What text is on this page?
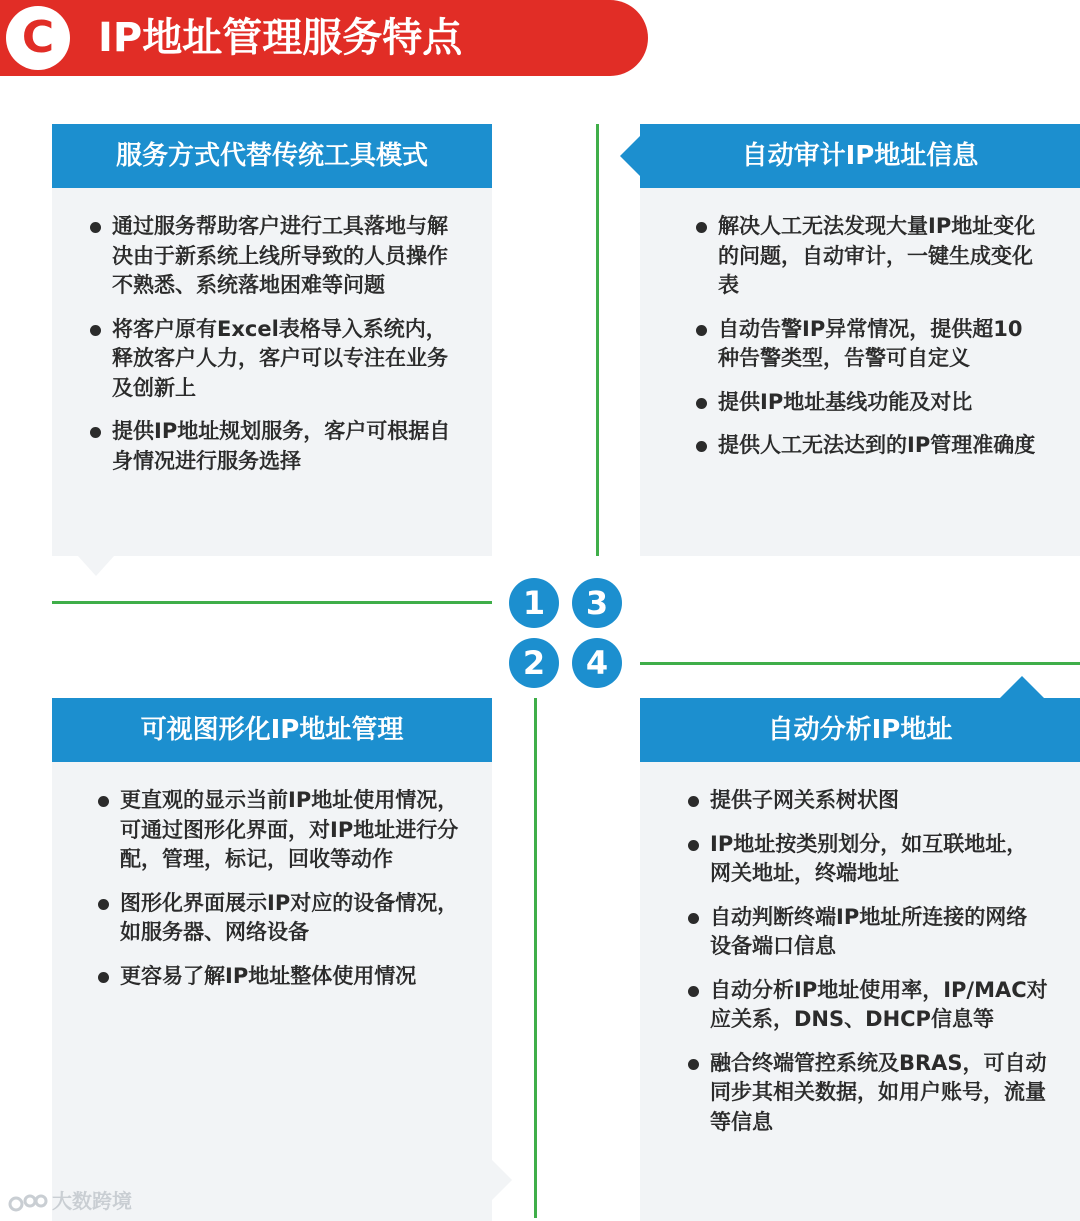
C	IP地址管理服务特点
服务方式代替传统工具模式
通过服务帮助客户进行工具落地与解决由于新系统上线所导致的人员操作不熟悉、系统落地困难等问题
将客户原有Excel表格导入系统内，释放客户人力，客户可以专注在业务及创新上
提供IP地址规划服务，客户可根据自身情况进行服务选择
自动审计IP地址信息
解决人工无法发现大量IP地址变化的问题，自动审计，一键生成变化表
自动告警IP异常情况，提供超10种告警类型，告警可自定义
提供IP地址基线功能及对比
提供人工无法达到的IP管理准确度
可视图形化IP地址管理
更直观的显示当前IP地址使用情况，可通过图形化界面，对IP地址进行分配，管理，标记，回收等动作
图形化界面展示IP对应的设备情况，如服务器、网络设备
更容易了解IP地址整体使用情况
自动分析IP地址
提供子网关系树状图
IP地址按类别划分，如互联地址，网关地址，终端地址
自动判断终端IP地址所连接的网络设备端口信息
自动分析IP地址使用率，IP/MAC对应关系，DNS、DHCP信息等
融合终端管控系统及BRAS，可自动同步其相关数据，如用户账号，流量等信息
1	3
2	4
大数跨境
